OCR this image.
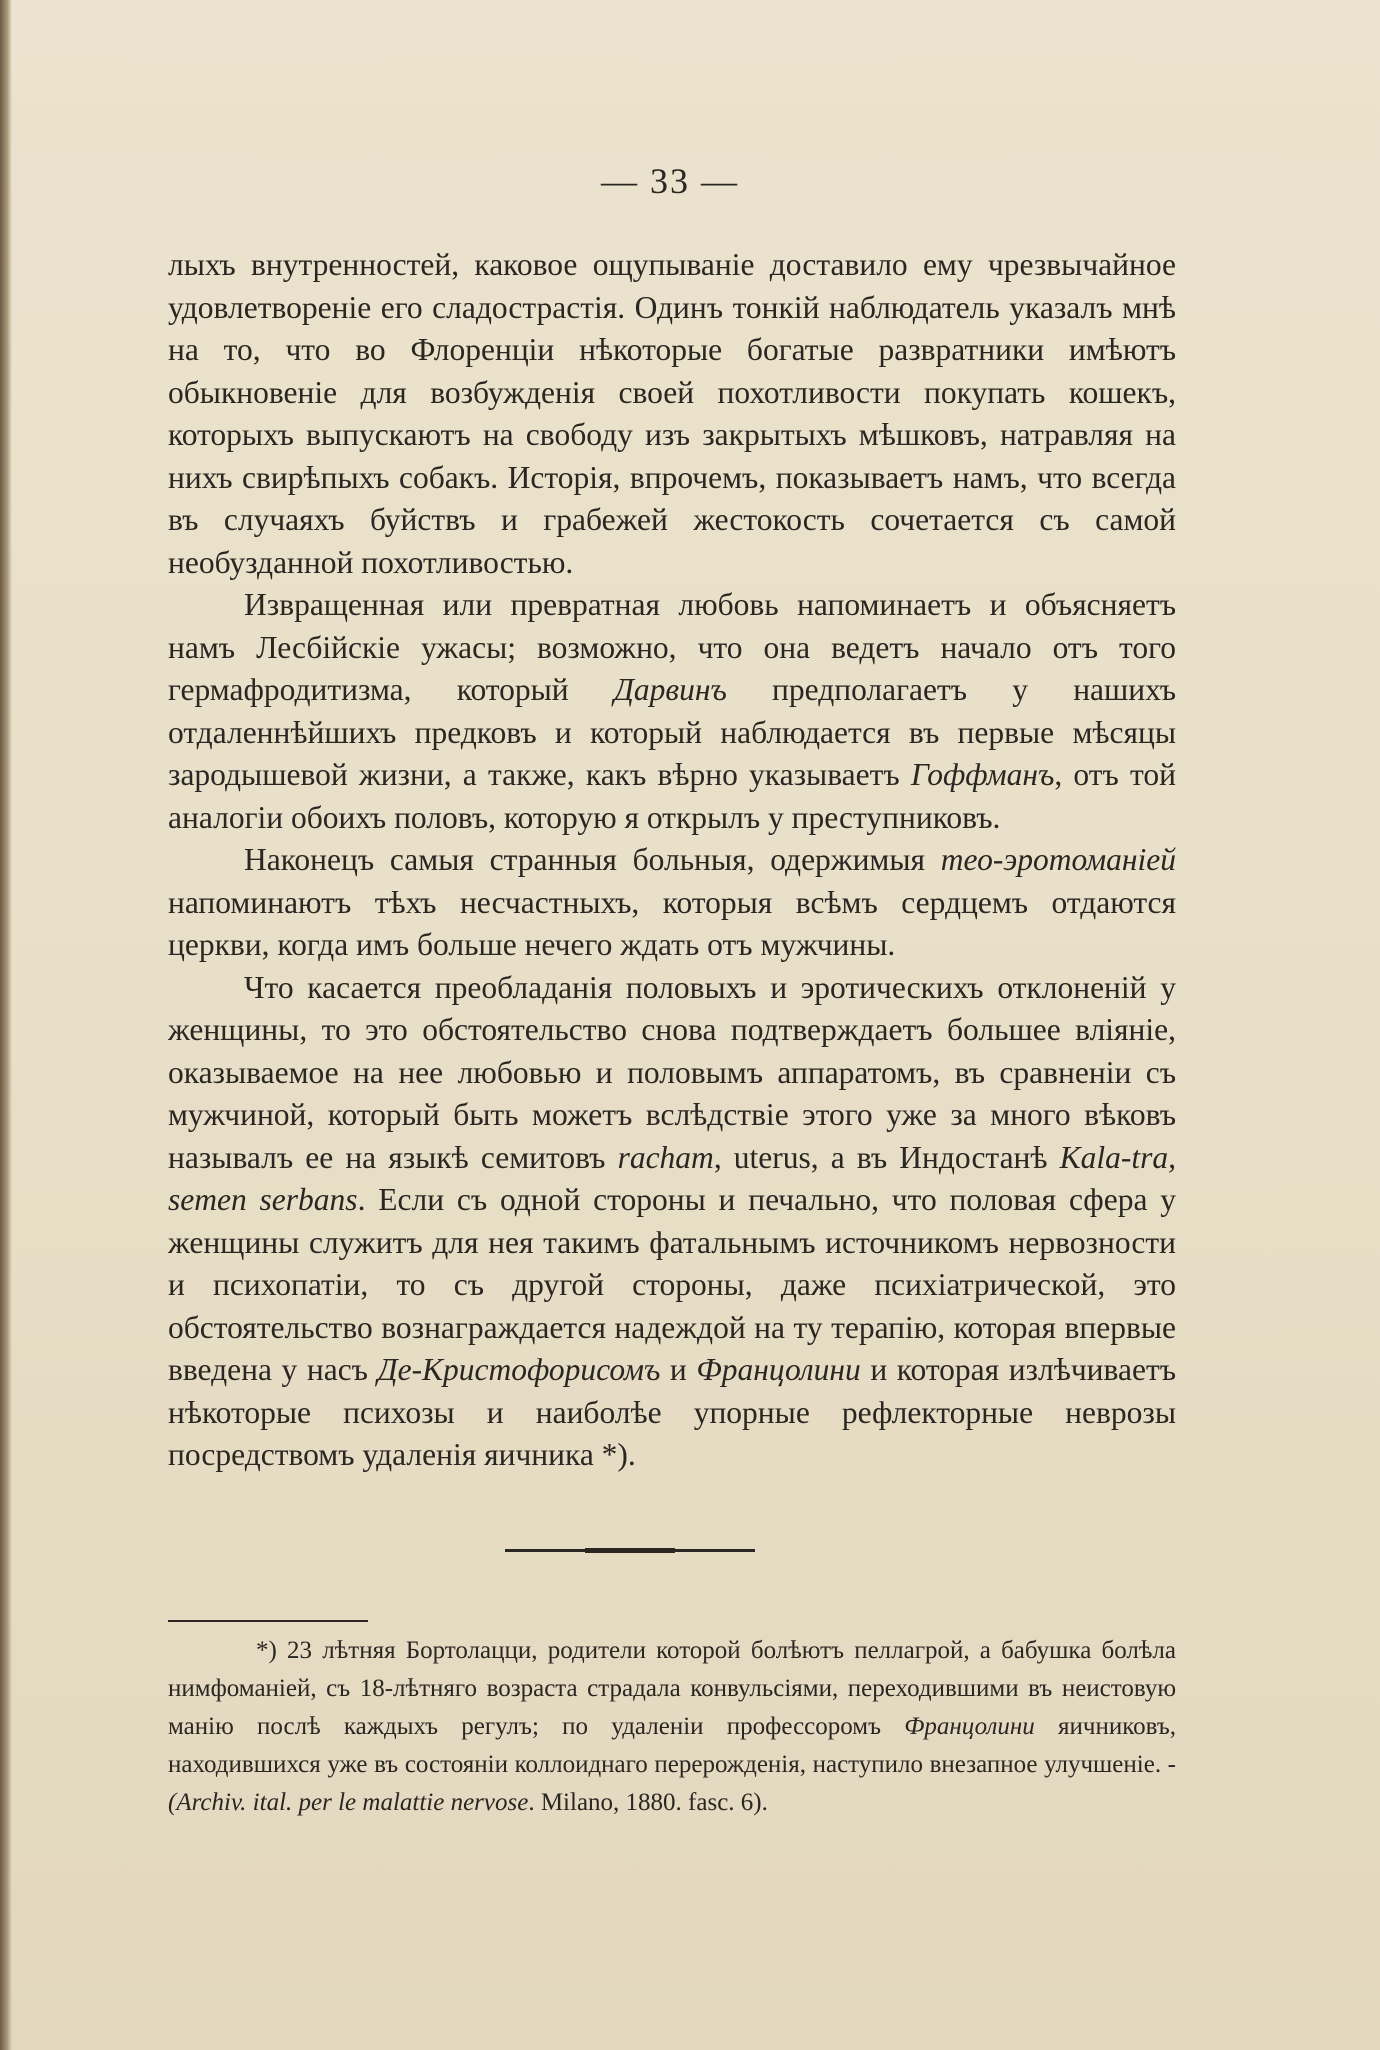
— 33 —

лыхъ внутренностей, каковое ощупываніе доставило ему чрезвычайное удовлетвореніе его сладострастія. Одинъ тонкій наблюдатель указалъ мнѣ на то, что во Флоренціи нѣкоторые богатые развратники имѣютъ обыкновеніе для возбужденія своей похотливости покупать кошекъ, которыхъ выпускаютъ на свободу изъ закрытыхъ мѣшковъ, натравляя на нихъ свирѣпыхъ собакъ. Исторія, впрочемъ, показываетъ намъ, что всегда въ случаяхъ буйствъ и грабежей жестокость сочетается съ самой необузданной похотливостью.

Извращенная или превратная любовь напоминаетъ и объясняетъ намъ Лесбійскіе ужасы; возможно, что она ведетъ начало отъ того гермафродитизма, который Дарвинъ предполагаетъ у нашихъ отдаленнѣйшихъ предковъ и который наблюдается въ первые мѣсяцы зародышевой жизни, а также, какъ вѣрно указываетъ Гоффманъ, отъ той аналогіи обоихъ половъ, которую я открылъ у преступниковъ.

Наконецъ самыя странныя больныя, одержимыя тео-эротоманіей напоминаютъ тѣхъ несчастныхъ, которыя всѣмъ сердцемъ отдаются церкви, когда имъ больше нечего ждать отъ мужчины.

Что касается преобладанія половыхъ и эротическихъ отклоненій у женщины, то это обстоятельство снова подтверждаетъ большее вліяніе, оказываемое на нее любовью и половымъ аппаратомъ, въ сравненіи съ мужчиной, который быть можетъ вслѣдствіе этого уже за много вѣковъ называлъ ее на языкѣ семитовъ racham, uterus, а въ Индостанѣ Kala-tra, semen serbans. Если съ одной стороны и печально, что половая сфера у женщины служитъ для нея такимъ фатальнымъ источникомъ нервозности и психопатіи, то съ другой стороны, даже психіатрической, это обстоятельство вознаграждается надеждой на ту терапію, которая впервые введена у насъ Де-Кристофорисомъ и Францолини и которая излѣчиваетъ нѣкоторые психозы и наиболѣе упорные рефлекторные неврозы посредствомъ удаленія яичника *).

*) 23 лѣтняя Бортолацци, родители которой болѣютъ пеллагрой, а бабушка болѣла нимфоманіей, съ 18-лѣтняго возраста страдала конвульсіями, переходившими въ неистовую манію послѣ каждыхъ регулъ; по удаленіи профессоромъ Францолини яичниковъ, находившихся уже въ состояніи коллоиднаго перерожденія, наступило внезапное улучшеніе. - (Archiv. ital. per le malattie nervose. Milano, 1880. fasc. 6).
